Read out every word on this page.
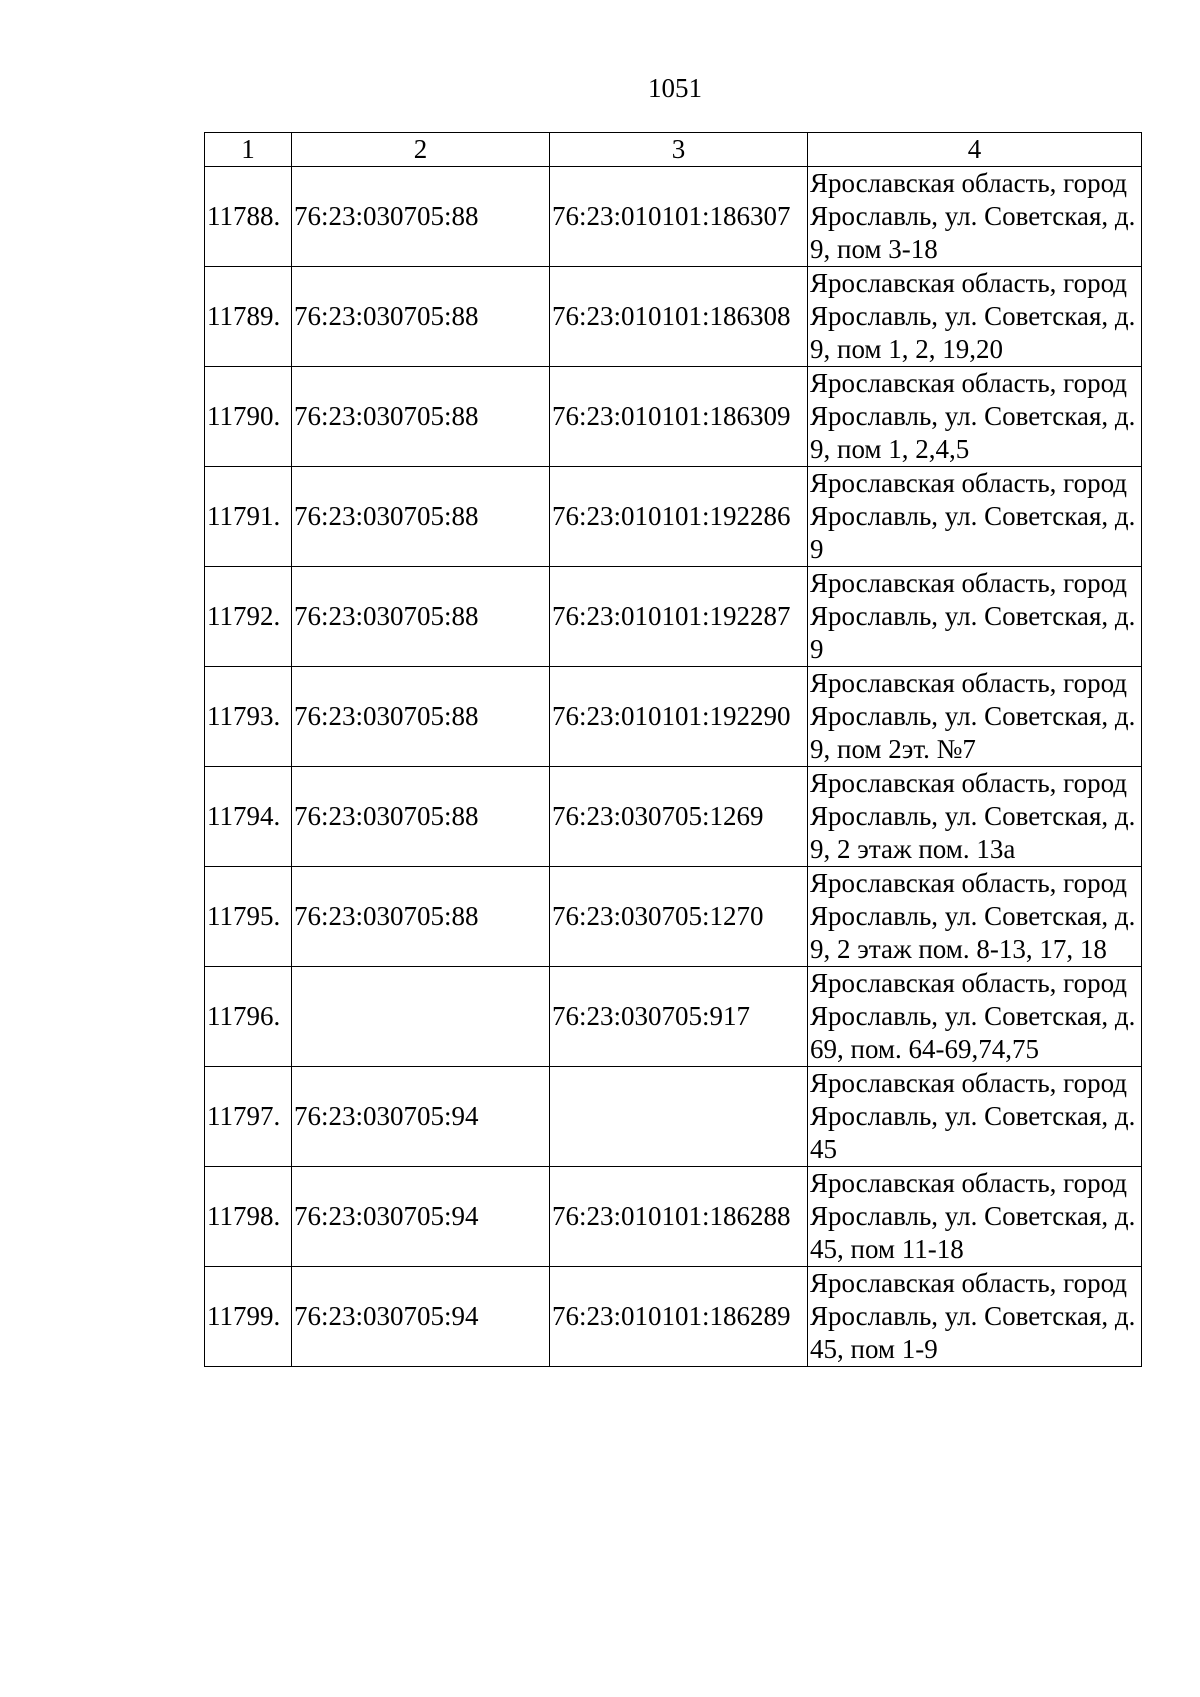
1051
1	2	3	4
11788.	76:23:030705:88	76:23:010101:186307	Ярославская область, город Ярославль, ул. Советская, д. 9, пом 3-18
11789.	76:23:030705:88	76:23:010101:186308	Ярославская область, город Ярославль, ул. Советская, д. 9, пом 1, 2, 19,20
11790.	76:23:030705:88	76:23:010101:186309	Ярославская область, город Ярославль, ул. Советская, д. 9, пом 1, 2,4,5
11791.	76:23:030705:88	76:23:010101:192286	Ярославская область, город Ярославль, ул. Советская, д. 9
11792.	76:23:030705:88	76:23:010101:192287	Ярославская область, город Ярославль, ул. Советская, д. 9
11793.	76:23:030705:88	76:23:010101:192290	Ярославская область, город Ярославль, ул. Советская, д. 9, пом 2эт. №7
11794.	76:23:030705:88	76:23:030705:1269	Ярославская область, город Ярославль, ул. Советская, д. 9, 2 этаж пом. 13а
11795.	76:23:030705:88	76:23:030705:1270	Ярославская область, город Ярославль, ул. Советская, д. 9, 2 этаж пом. 8-13, 17, 18
11796.		76:23:030705:917	Ярославская область, город Ярославль, ул. Советская, д. 69, пом. 64-69,74,75
11797.	76:23:030705:94		Ярославская область, город Ярославль, ул. Советская, д. 45
11798.	76:23:030705:94	76:23:010101:186288	Ярославская область, город Ярославль, ул. Советская, д. 45, пом 11-18
11799.	76:23:030705:94	76:23:010101:186289	Ярославская область, город Ярославль, ул. Советская, д. 45, пом 1-9
